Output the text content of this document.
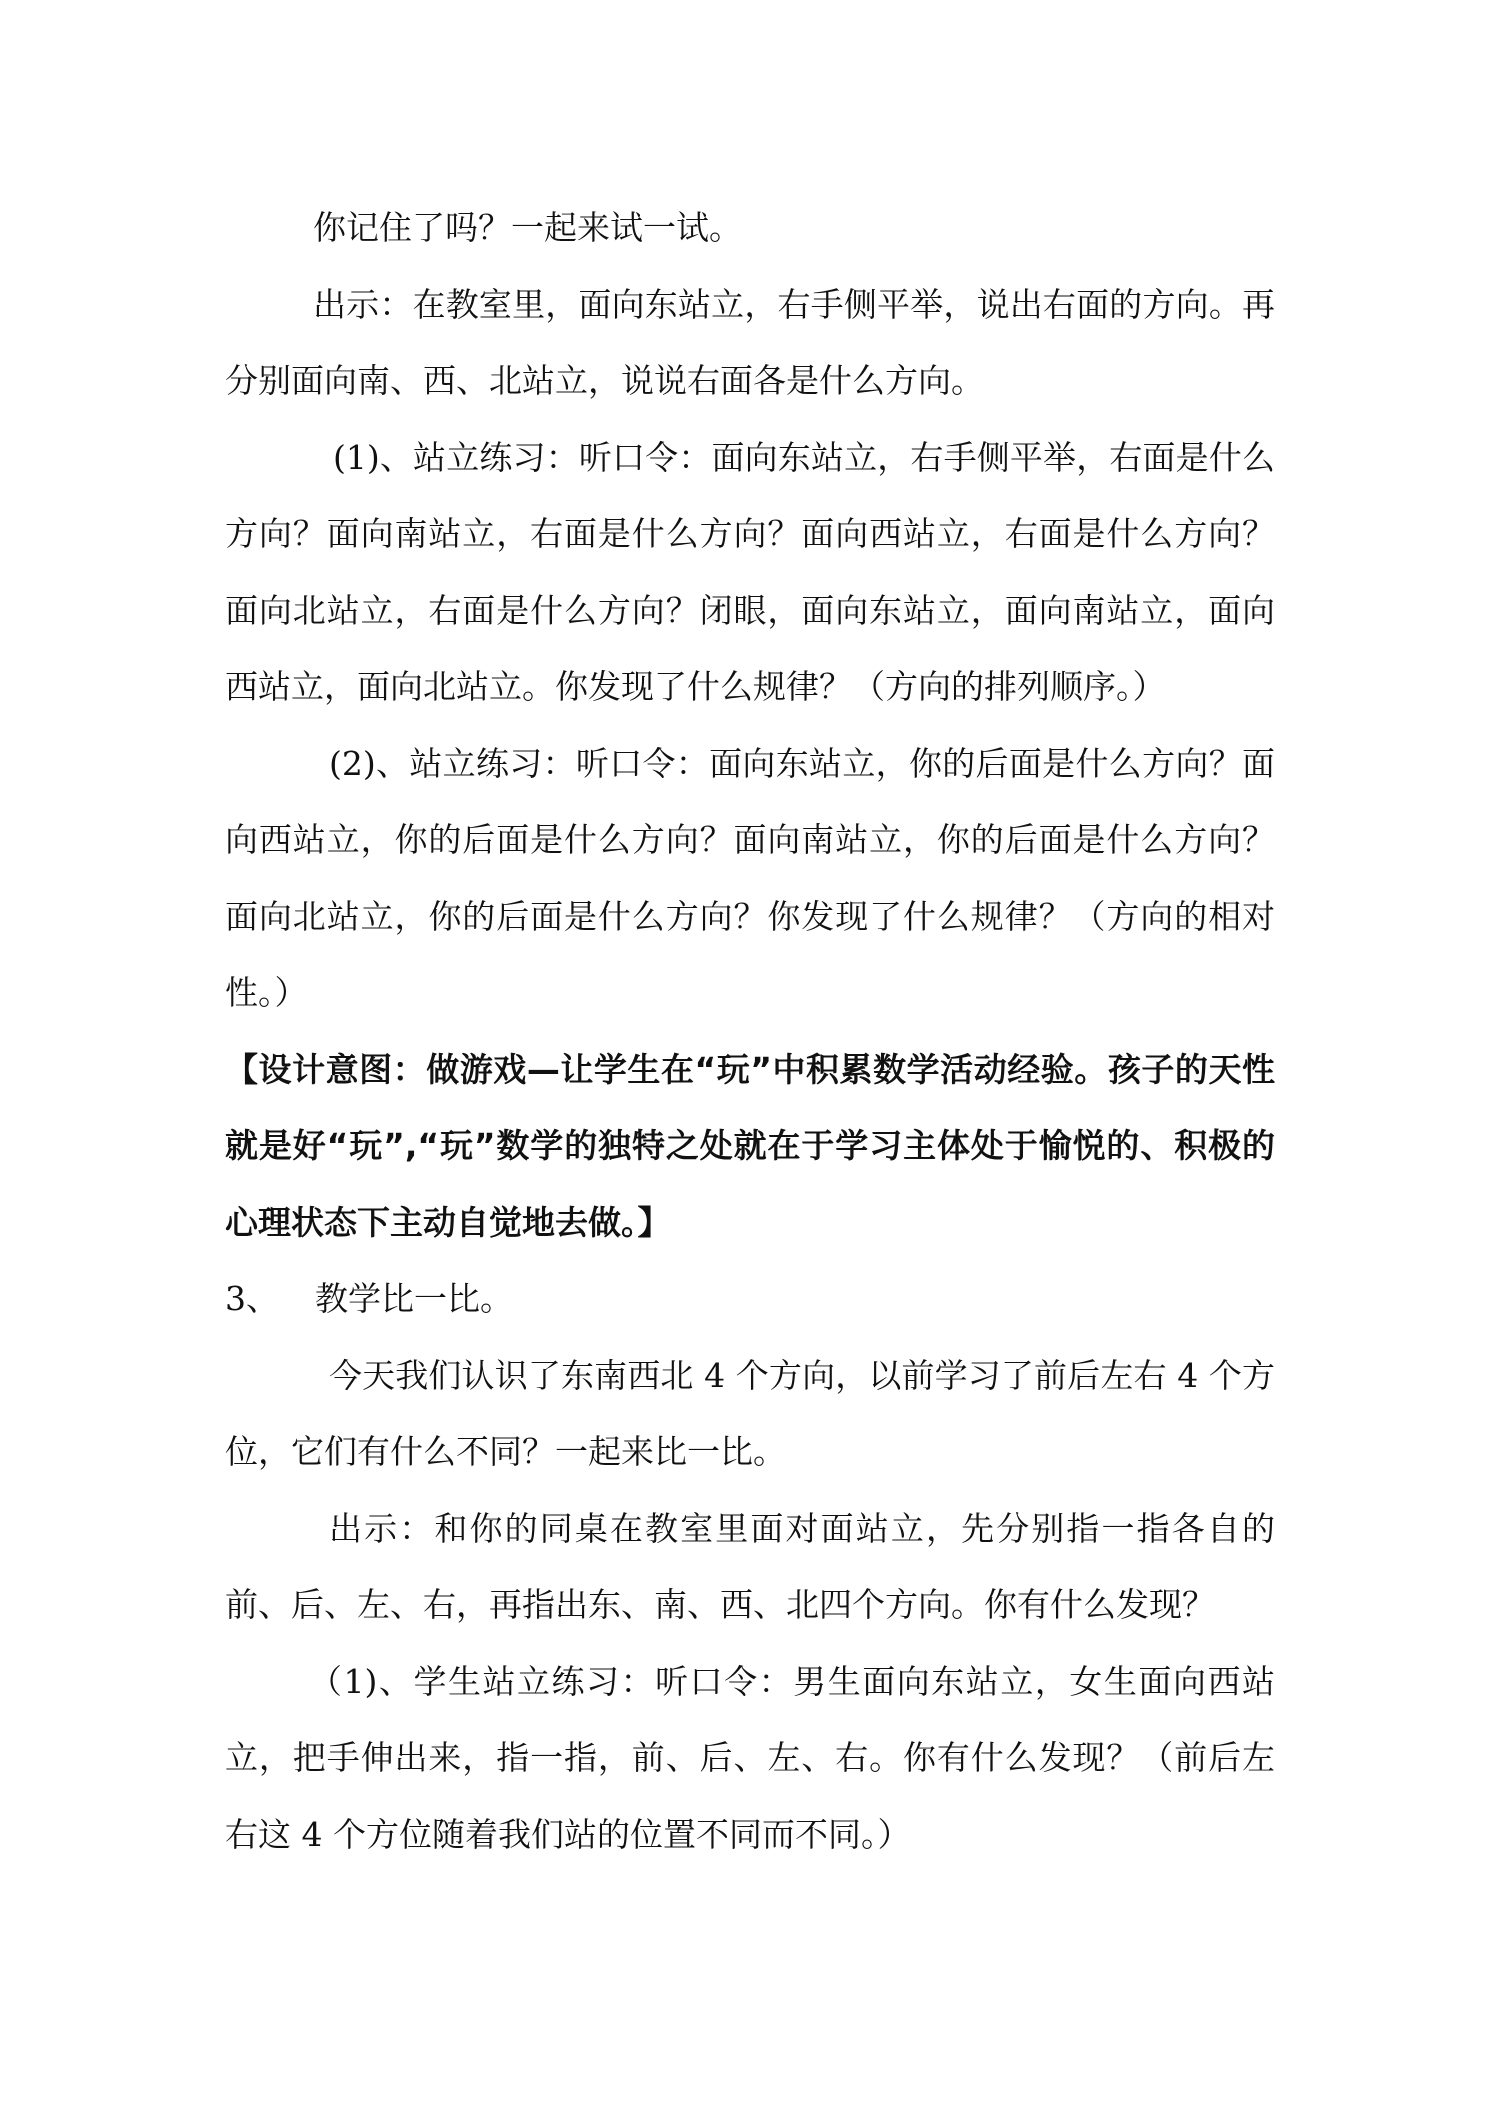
你记住了吗？一起来试一试。

出示：在教室里，面向东站立，右手侧平举，说出右面的方向。再分别面向南、西、北站立，说说右面各是什么方向。

(1)、站立练习：听口令：面向东站立，右手侧平举，右面是什么方向？面向南站立，右面是什么方向？面向西站立，右面是什么方向？面向北站立，右面是什么方向？闭眼，面向东站立，面向南站立，面向西站立，面向北站立。你发现了什么规律？（方向的排列顺序。）

(2)、站立练习：听口令：面向东站立，你的后面是什么方向？面向西站立，你的后面是什么方向？面向南站立，你的后面是什么方向？面向北站立，你的后面是什么方向？你发现了什么规律？（方向的相对性。）

【设计意图：做游戏—让学生在“玩”中积累数学活动经验。孩子的天性就是好“玩”,“玩”数学的独特之处就在于学习主体处于愉悦的、积极的心理状态下主动自觉地去做。】

3、	教学比一比。

今天我们认识了东南西北 4 个方向，以前学习了前后左右 4 个方位，它们有什么不同？一起来比一比。

出示：和你的同桌在教室里面对面站立，先分别指一指各自的前、后、左、右，再指出东、南、西、北四个方向。你有什么发现？

（1)、学生站立练习：听口令：男生面向东站立，女生面向西站立，把手伸出来，指一指，前、后、左、右。你有什么发现？（前后左右这 4 个方位随着我们站的位置不同而不同。）
